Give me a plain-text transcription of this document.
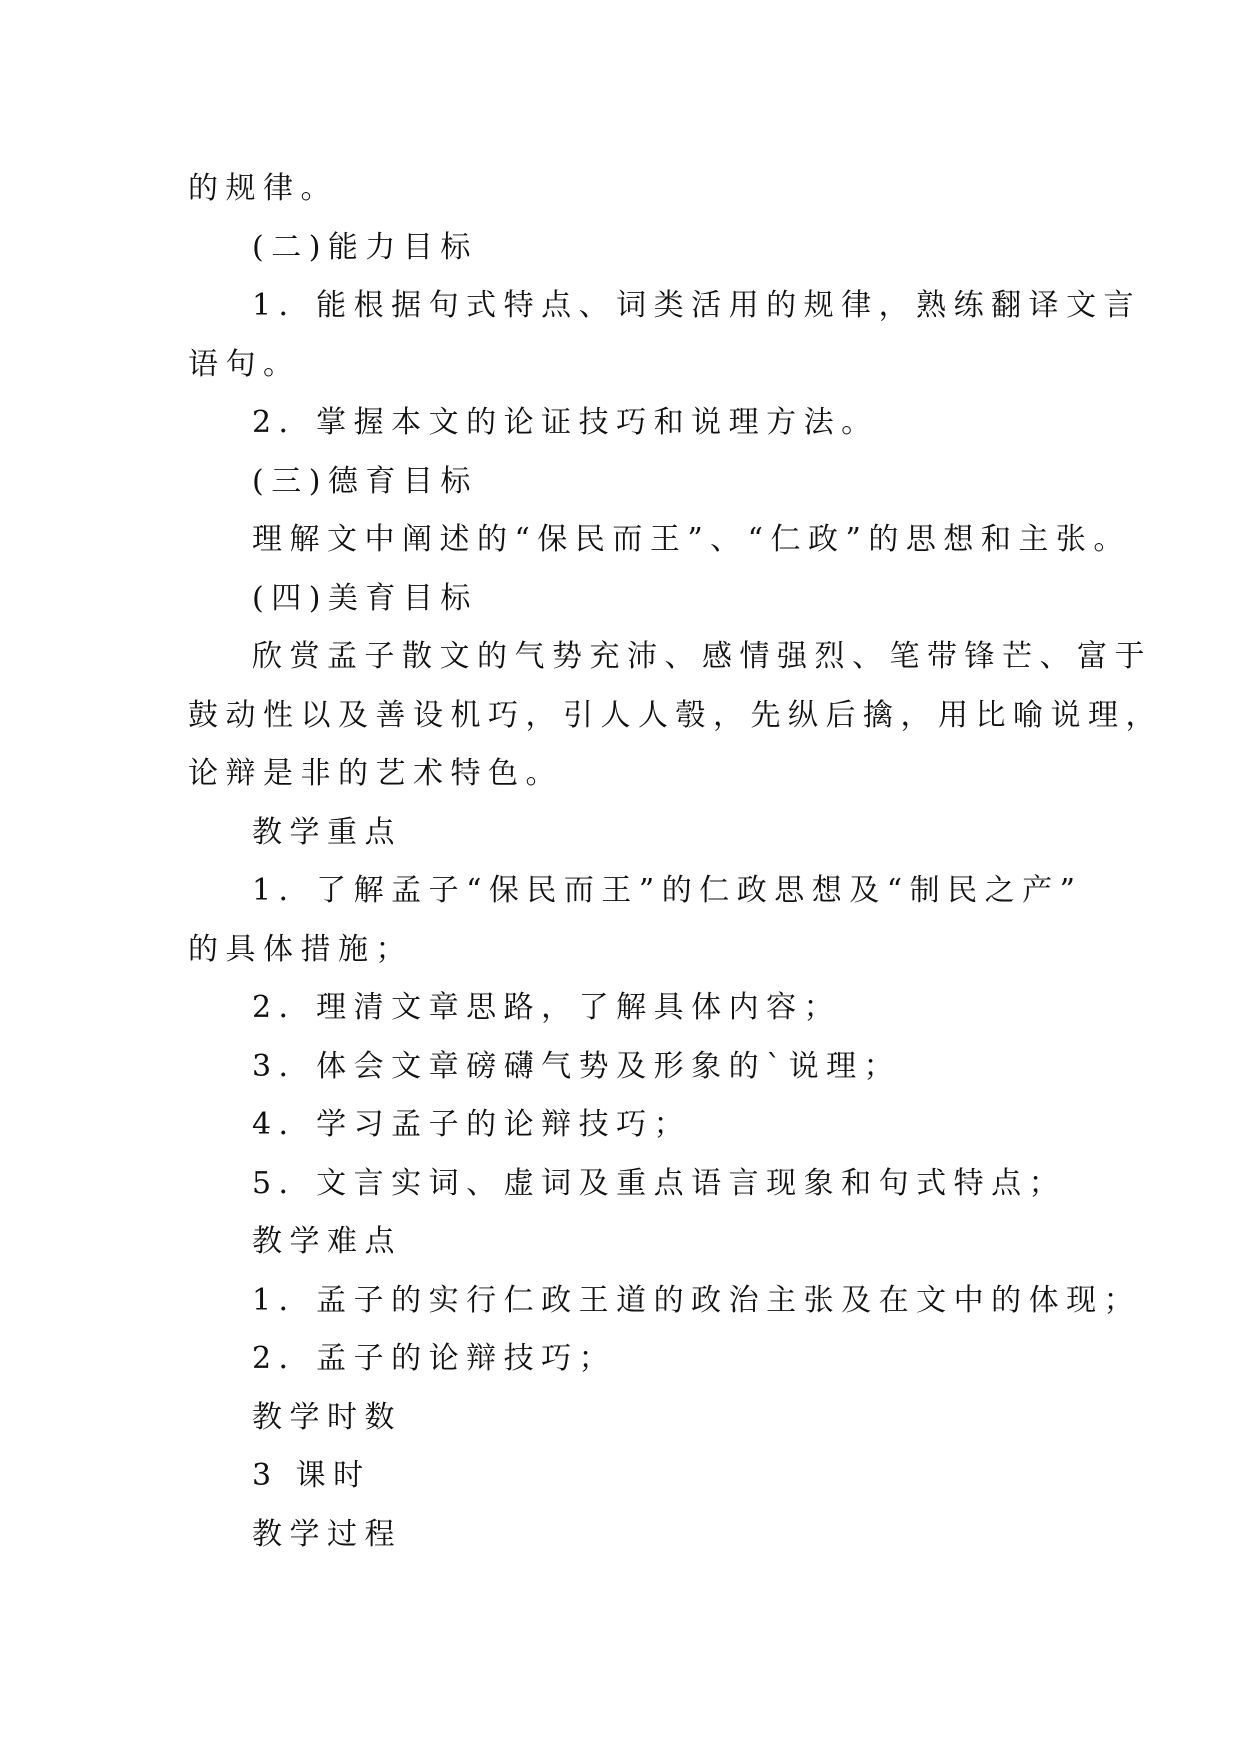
的规律。

(二)能力目标

1．能根据句式特点、词类活用的规律，熟练翻译文言

语句。

2．掌握本文的论证技巧和说理方法。

(三)德育目标

理解文中阐述的“保民而王”、“仁政”的思想和主张。

(四)美育目标

欣赏孟子散文的气势充沛、感情强烈、笔带锋芒、富于

鼓动性以及善设机巧，引人人彀，先纵后擒，用比喻说理，

论辩是非的艺术特色。

教学重点

1．了解孟子“保民而王”的仁政思想及“制民之产”

的具体措施；

2．理清文章思路，了解具体内容；

3．体会文章磅礴气势及形象的`说理；

4．学习孟子的论辩技巧；

5．文言实词、虚词及重点语言现象和句式特点；

教学难点

1．孟子的实行仁政王道的政治主张及在文中的体现；

2．孟子的论辩技巧；

教学时数

3 课时

教学过程
